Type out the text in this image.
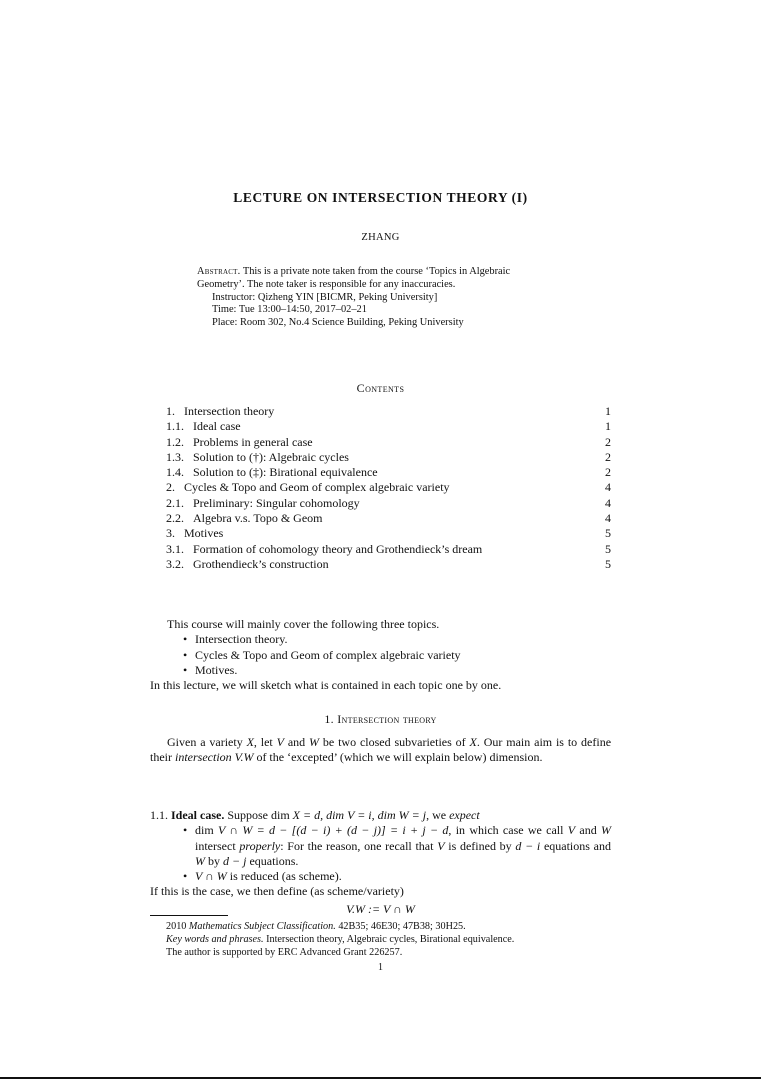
LECTURE ON INTERSECTION THEORY (I)
ZHANG
Abstract. This is a private note taken from the course ‘Topics in Algebraic
Geometry’. The note taker is responsible for any inaccuracies.
Instructor: Qizheng YIN [BICMR, Peking University]
Time: Tue 13:00–14:50, 2017–02–21
Place: Room 302, No.4 Science Building, Peking University
Contents
1. Intersection theory	1
1.1. Ideal case	1
1.2. Problems in general case	2
1.3. Solution to (†): Algebraic cycles	2
1.4. Solution to (‡): Birational equivalence	2
2. Cycles & Topo and Geom of complex algebraic variety	4
2.1. Preliminary: Singular cohomology	4
2.2. Algebra v.s. Topo & Geom	4
3. Motives	5
3.1. Formation of cohomology theory and Grothendieck’s dream	5
3.2. Grothendieck’s construction	5
This course will mainly cover the following three topics.
• Intersection theory.
• Cycles & Topo and Geom of complex algebraic variety
• Motives.
In this lecture, we will sketch what is contained in each topic one by one.
1. Intersection theory
Given a variety X, let V and W be two closed subvarieties of X. Our main aim is to define their intersection V.W of the ‘excepted’ (which we will explain below) dimension.
1.1. Ideal case. Suppose dim X = d, dim V = i, dim W = j, we expect
• dim V ∩ W = d − [(d − i) + (d − j)] = i + j − d, in which case we call V and W intersect properly: For the reason, one recall that V is defined by d − i equations and W by d − j equations.
• V ∩ W is reduced (as scheme).
If this is the case, we then define (as scheme/variety)
V.W := V ∩ W
2010 Mathematics Subject Classification. 42B35; 46E30; 47B38; 30H25.
Key words and phrases. Intersection theory, Algebraic cycles, Birational equivalence.
The author is supported by ERC Advanced Grant 226257.
1
